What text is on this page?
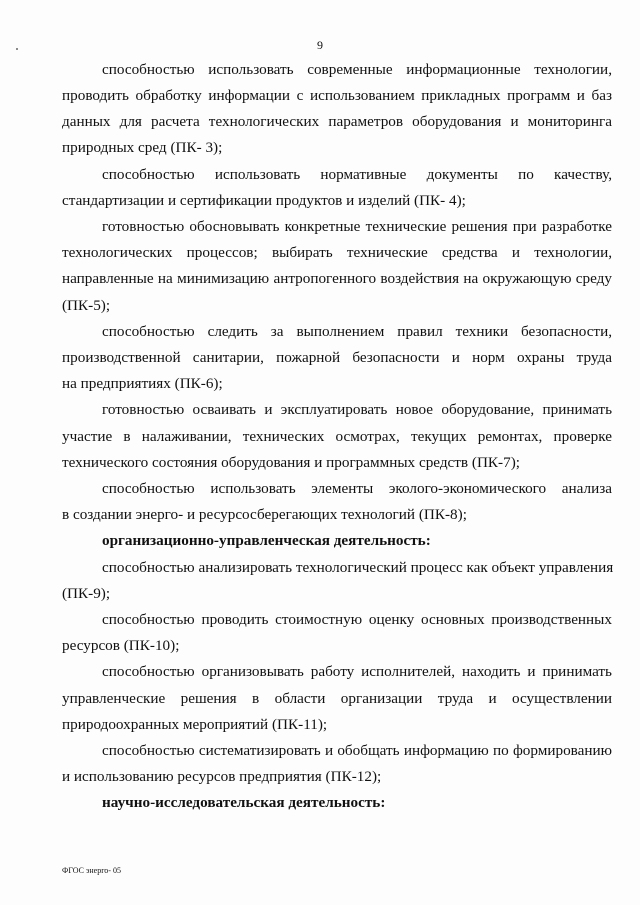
9
способностью использовать современные информационные технологии,
проводить обработку информации с использованием прикладных программ и баз
данных для расчета технологических параметров оборудования и мониторинга
природных сред (ПК- 3);
способностью использовать нормативные документы по качеству,
стандартизации и сертификации продуктов и изделий (ПК- 4);
готовностью обосновывать конкретные технические решения при разработке
технологических процессов; выбирать технические средства и технологии,
направленные на минимизацию антропогенного воздействия на окружающую среду
(ПК-5);
способностью следить за выполнением правил техники безопасности,
производственной санитарии, пожарной безопасности и норм охраны труда
на предприятиях (ПК-6);
готовностью осваивать и эксплуатировать новое оборудование, принимать
участие в налаживании, технических осмотрах, текущих ремонтах, проверке
технического состояния оборудования и программных средств (ПК-7);
способностью использовать элементы эколого-экономического анализа
в создании энерго- и ресурсосберегающих технологий (ПК-8);
организационно-управленческая деятельность:
способностью анализировать технологический процесс как объект управления
(ПК-9);
способностью проводить стоимостную оценку основных производственных
ресурсов (ПК-10);
способностью организовывать работу исполнителей, находить и принимать
управленческие решения в области организации труда и осуществлении
природоохранных мероприятий (ПК-11);
способностью систематизировать и обобщать информацию по формированию
и использованию ресурсов предприятия (ПК-12);
научно-исследовательская деятельность:
ФГОС энерго- 05
